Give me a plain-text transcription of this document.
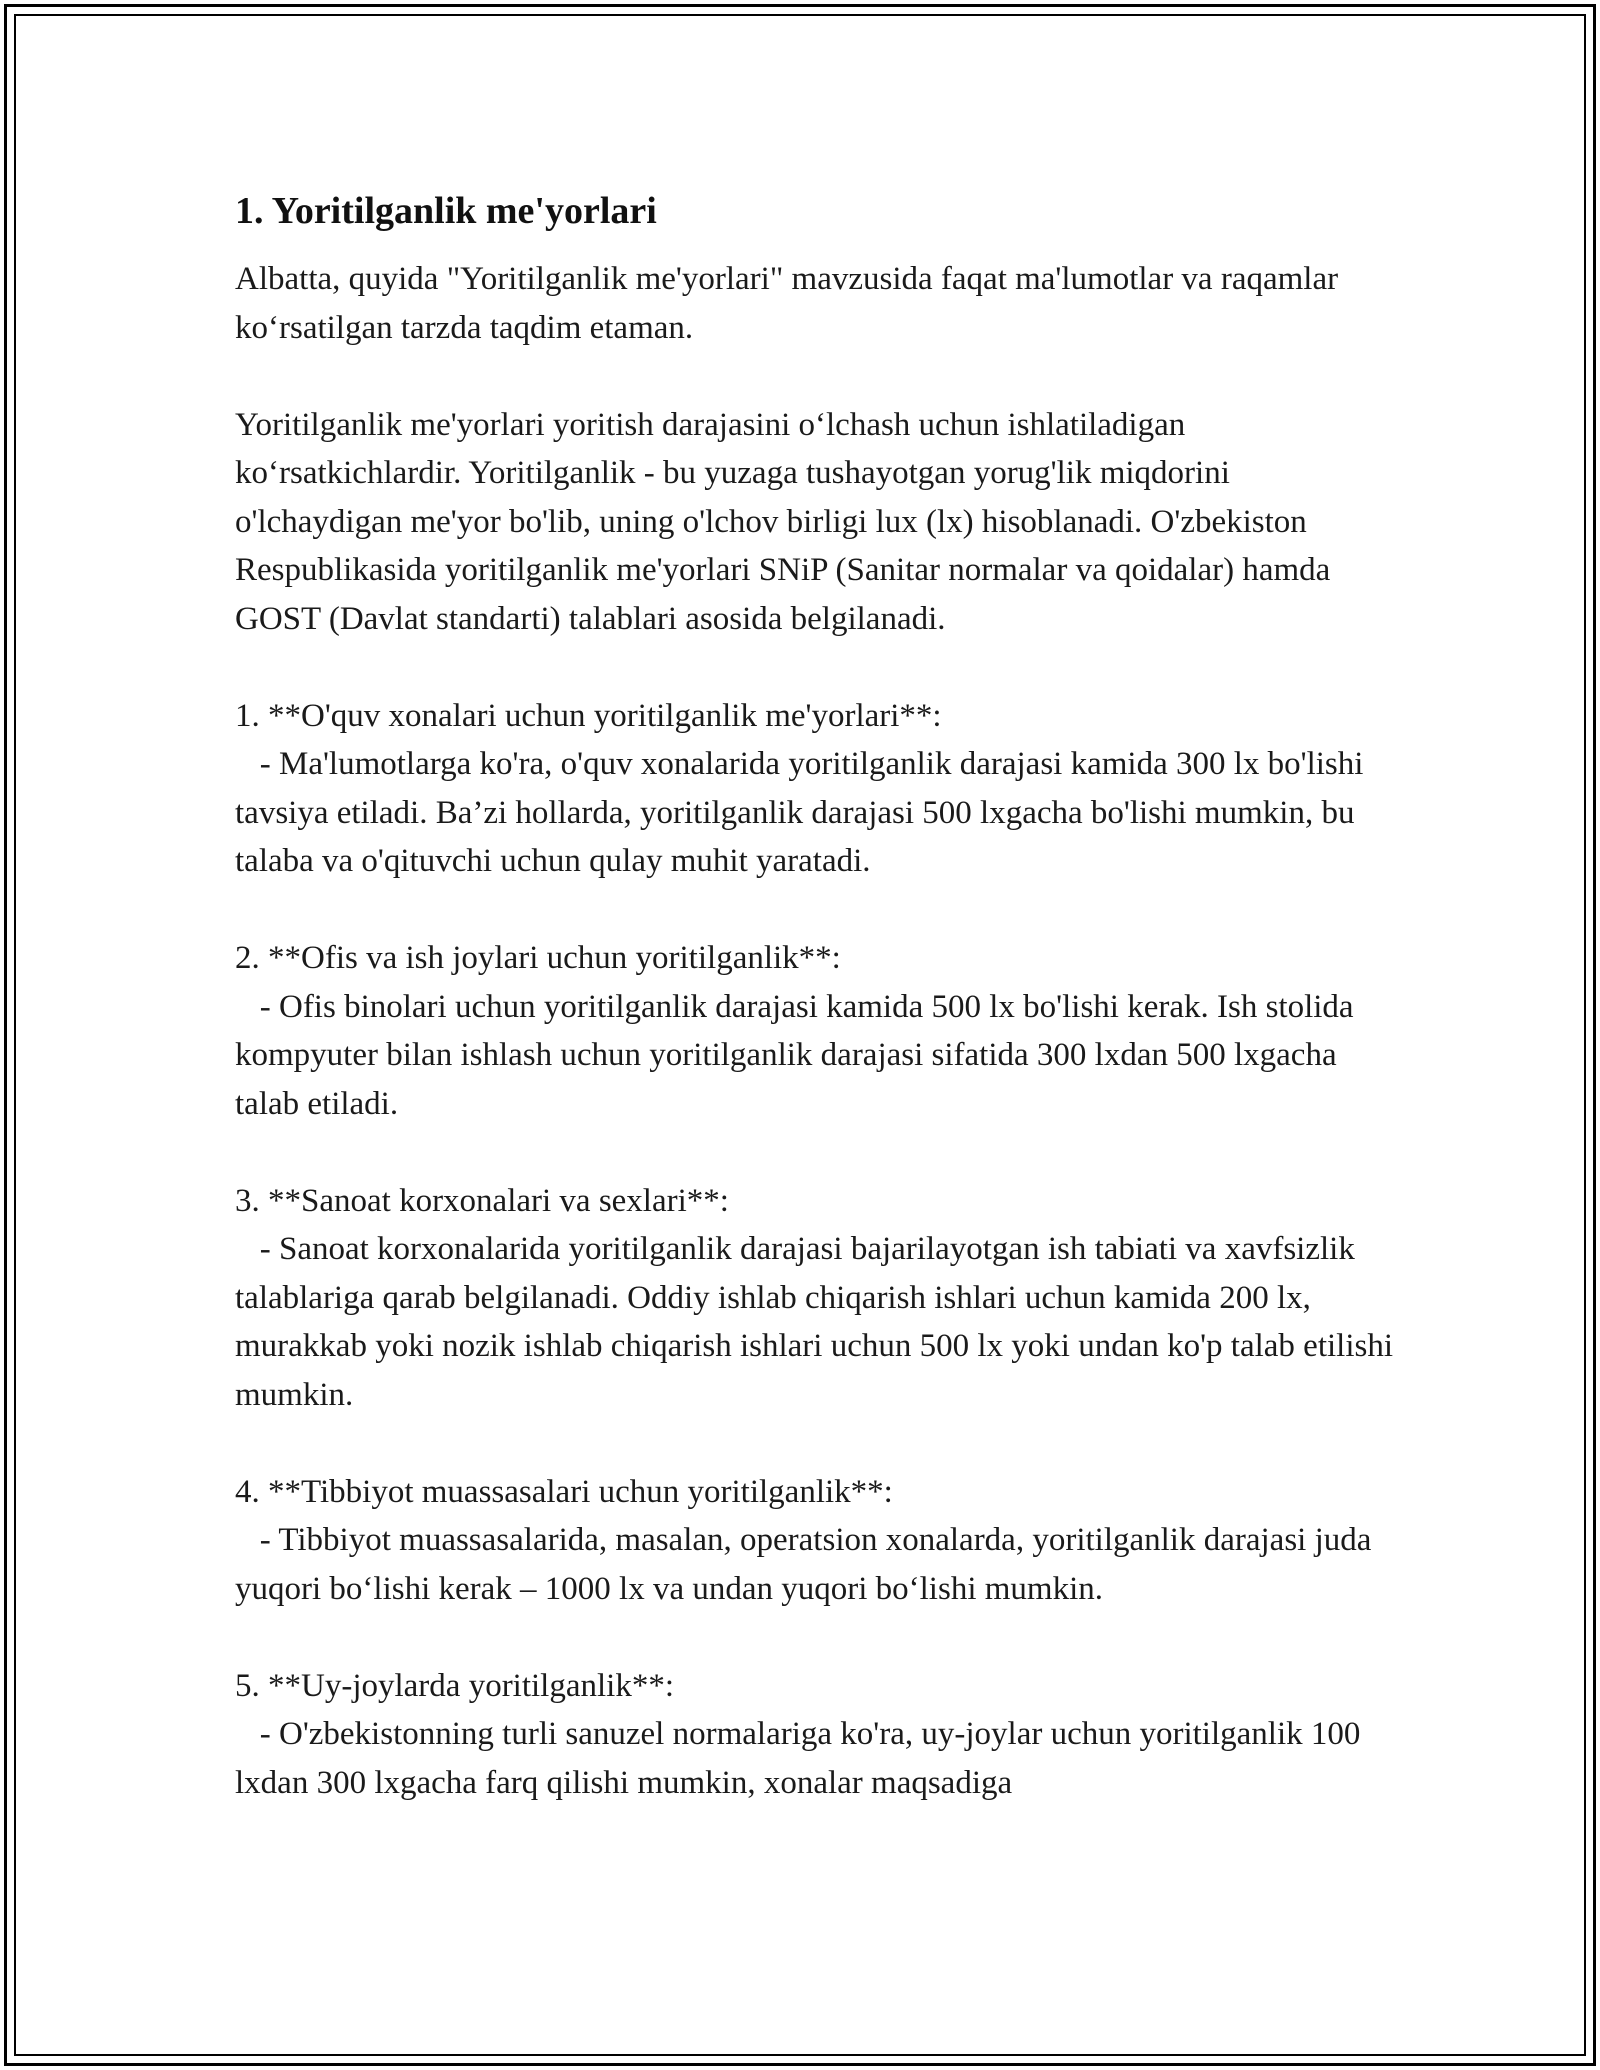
1. Yoritilganlik me'yorlari

Albatta, quyida "Yoritilganlik me'yorlari" mavzusida faqat ma'lumotlar va raqamlar ko‘rsatilgan tarzda taqdim etaman.

Yoritilganlik me'yorlari yoritish darajasini o‘lchash uchun ishlatiladigan ko‘rsatkichlardir. Yoritilganlik - bu yuzaga tushayotgan yorug'lik miqdorini o'lchaydigan me'yor bo'lib, uning o'lchov birligi lux (lx) hisoblanadi. O'zbekiston Respublikasida yoritilganlik me'yorlari SNiP (Sanitar normalar va qoidalar) hamda GOST (Davlat standarti) talablari asosida belgilanadi.

1. **O'quv xonalari uchun yoritilganlik me'yorlari**:

- Ma'lumotlarga ko'ra, o'quv xonalarida yoritilganlik darajasi kamida 300 lx bo'lishi tavsiya etiladi. Ba’zi hollarda, yoritilganlik darajasi 500 lxgacha bo'lishi mumkin, bu talaba va o'qituvchi uchun qulay muhit yaratadi.

2. **Ofis va ish joylari uchun yoritilganlik**:

- Ofis binolari uchun yoritilganlik darajasi kamida 500 lx bo'lishi kerak. Ish stolida kompyuter bilan ishlash uchun yoritilganlik darajasi sifatida 300 lxdan 500 lxgacha talab etiladi.

3. **Sanoat korxonalari va sexlari**:

- Sanoat korxonalarida yoritilganlik darajasi bajarilayotgan ish tabiati va xavfsizlik talablariga qarab belgilanadi. Oddiy ishlab chiqarish ishlari uchun kamida 200 lx, murakkab yoki nozik ishlab chiqarish ishlari uchun 500 lx yoki undan ko'p talab etilishi mumkin.

4. **Tibbiyot muassasalari uchun yoritilganlik**:

- Tibbiyot muassasalarida, masalan, operatsion xonalarda, yoritilganlik darajasi juda yuqori bo‘lishi kerak – 1000 lx va undan yuqori bo‘lishi mumkin.

5. **Uy-joylarda yoritilganlik**:

- O'zbekistonning turli sanuzel normalariga ko'ra, uy-joylar uchun yoritilganlik 100 lxdan 300 lxgacha farq qilishi mumkin, xonalar maqsadiga
